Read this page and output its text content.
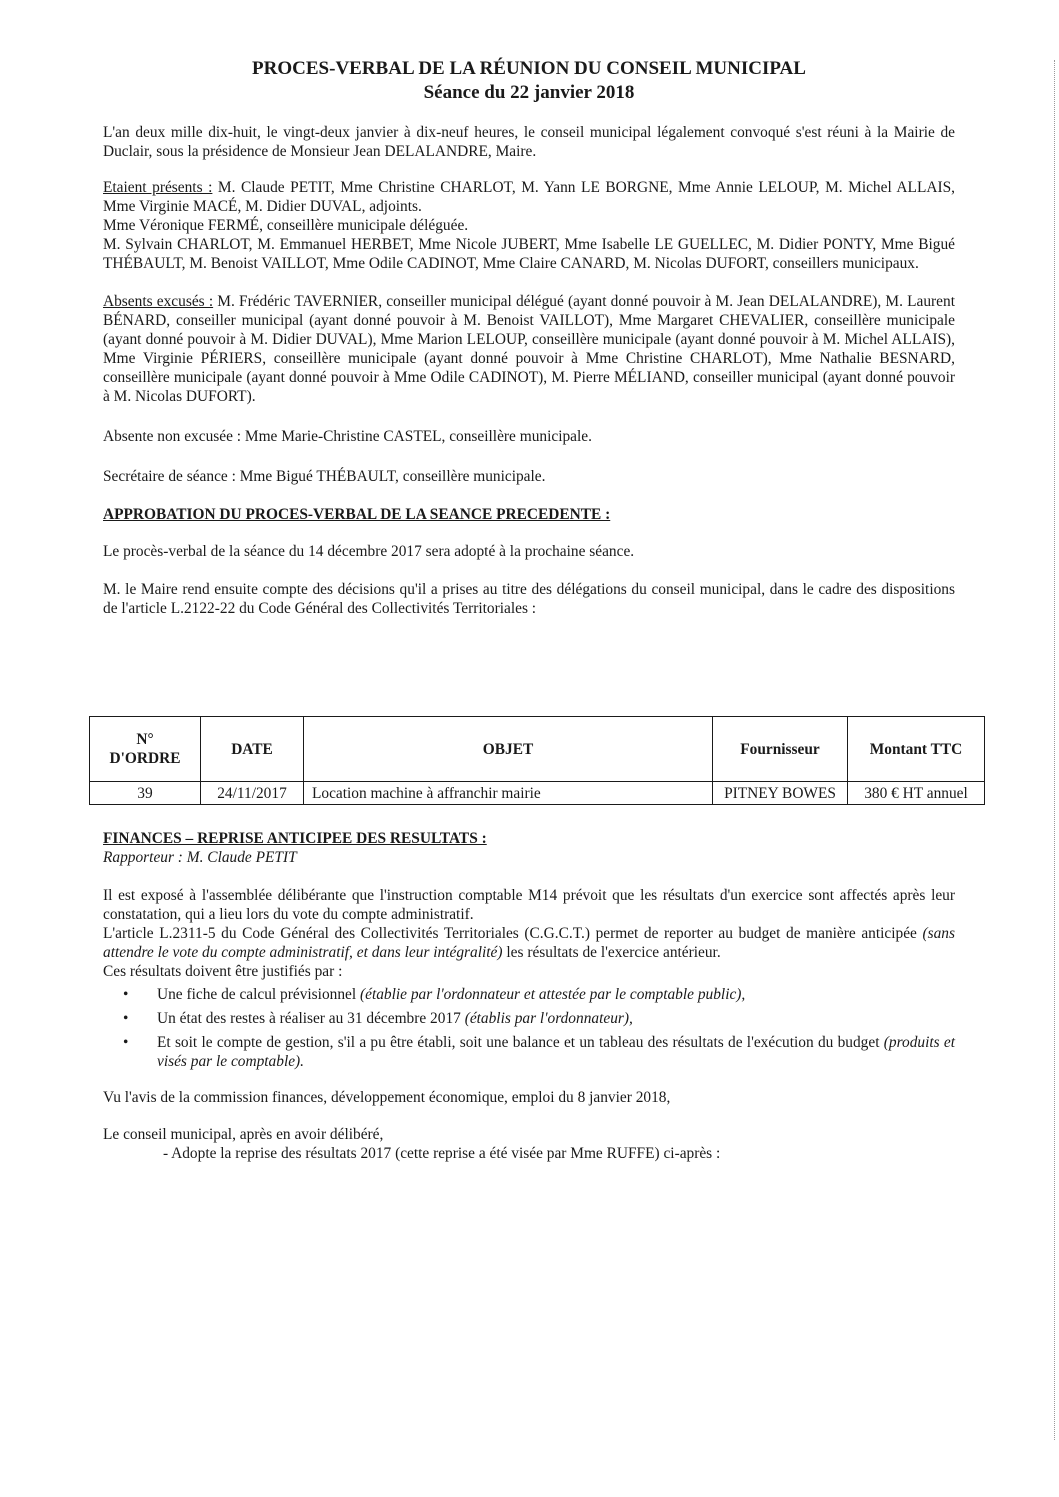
PROCES-VERBAL DE LA RÉUNION DU CONSEIL MUNICIPAL
Séance du 22 janvier 2018

L'an deux mille dix-huit, le vingt-deux janvier à dix-neuf heures, le conseil municipal légalement convoqué s'est réuni à la Mairie de Duclair, sous la présidence de Monsieur Jean DELALANDRE, Maire.

Etaient présents : M. Claude PETIT, Mme Christine CHARLOT, M. Yann LE BORGNE, Mme Annie LELOUP, M. Michel ALLAIS, Mme Virginie MACÉ, M. Didier DUVAL, adjoints.

Mme Véronique FERMÉ, conseillère municipale déléguée.

M. Sylvain CHARLOT, M. Emmanuel HERBET, Mme Nicole JUBERT, Mme Isabelle LE GUELLEC, M. Didier PONTY, Mme Bigué THÉBAULT, M. Benoist VAILLOT, Mme Odile CADINOT, Mme Claire CANARD, M. Nicolas DUFORT, conseillers municipaux.

Absents excusés : M. Frédéric TAVERNIER, conseiller municipal délégué (ayant donné pouvoir à M. Jean DELALANDRE), M. Laurent BÉNARD, conseiller municipal (ayant donné pouvoir à M. Benoist VAILLOT), Mme Margaret CHEVALIER, conseillère municipale (ayant donné pouvoir à M. Didier DUVAL), Mme Marion LELOUP, conseillère municipale (ayant donné pouvoir à M. Michel ALLAIS), Mme Virginie PÉRIERS, conseillère municipale (ayant donné pouvoir à Mme Christine CHARLOT), Mme Nathalie BESNARD, conseillère municipale (ayant donné pouvoir à Mme Odile CADINOT), M. Pierre MÉLIAND, conseiller municipal (ayant donné pouvoir à M. Nicolas DUFORT).

Absente non excusée : Mme Marie-Christine CASTEL, conseillère municipale.

Secrétaire de séance : Mme Bigué THÉBAULT, conseillère municipale.

APPROBATION DU PROCES-VERBAL DE LA SEANCE PRECEDENTE :

Le procès-verbal de la séance du 14 décembre 2017 sera adopté à la prochaine séance.

M. le Maire rend ensuite compte des décisions qu'il a prises au titre des délégations du conseil municipal, dans le cadre des dispositions de l'article L.2122-22 du Code Général des Collectivités Territoriales :

N°
D'ORDRE	DATE	OBJET	Fournisseur	Montant TTC
39	24/11/2017	Location machine à affranchir mairie	PITNEY BOWES	380 € HT annuel

FINANCES – REPRISE ANTICIPEE DES RESULTATS :

Rapporteur : M. Claude PETIT

Il est exposé à l'assemblée délibérante que l'instruction comptable M14 prévoit que les résultats d'un exercice sont affectés après leur constatation, qui a lieu lors du vote du compte administratif.

L'article L.2311-5 du Code Général des Collectivités Territoriales (C.G.C.T.) permet de reporter au budget de manière anticipée (sans attendre le vote du compte administratif, et dans leur intégralité) les résultats de l'exercice antérieur.

Ces résultats doivent être justifiés par :

• Une fiche de calcul prévisionnel (établie par l'ordonnateur et attestée par le comptable public),
• Un état des restes à réaliser au 31 décembre 2017 (établis par l'ordonnateur),
• Et soit le compte de gestion, s'il a pu être établi, soit une balance et un tableau des résultats de l'exécution du budget (produits et visés par le comptable).

Vu l'avis de la commission finances, développement économique, emploi du 8 janvier 2018,

Le conseil municipal, après en avoir délibéré,

- Adopte la reprise des résultats 2017 (cette reprise a été visée par Mme RUFFE) ci-après :
